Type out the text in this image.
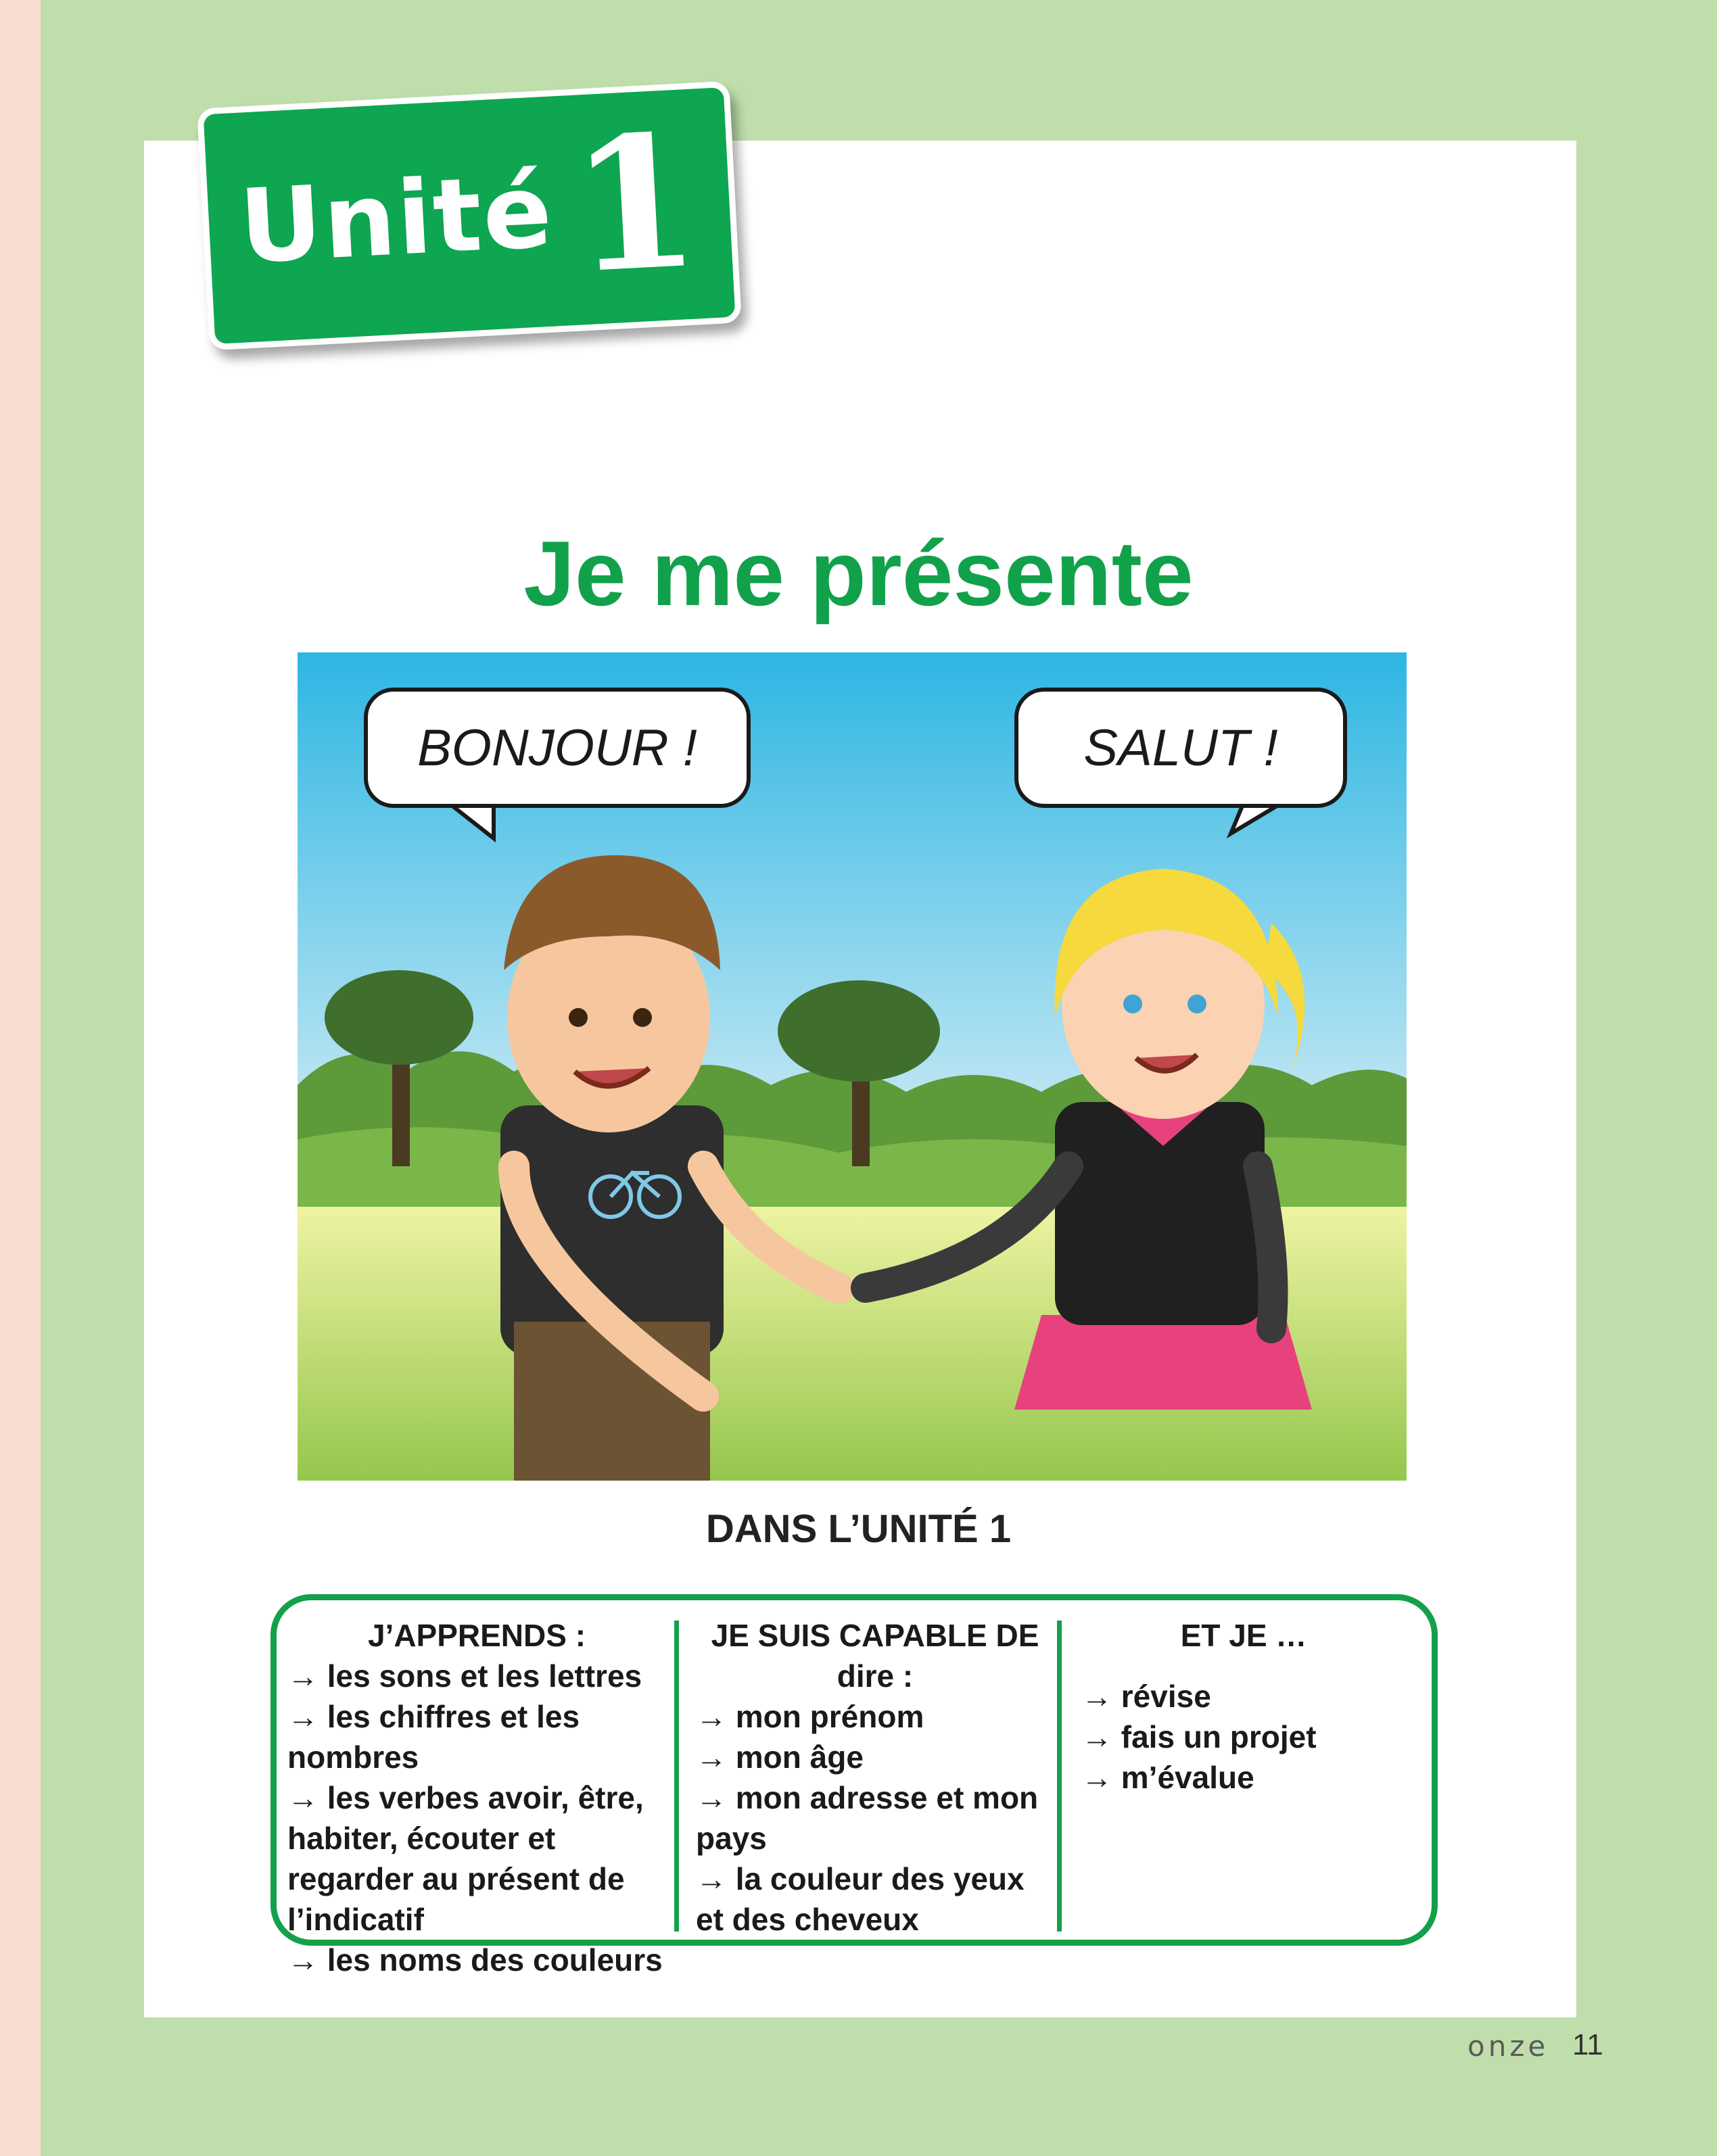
Unité 1
Je me présente
BONJOUR !	SALUT !
DANS L’UNITÉ 1
J’APPRENDS :
→ les sons et les lettres
→ les chiffres et les nombres
→ les verbes avoir, être, habiter, écouter et regarder au présent de l’indicatif
→ les noms des couleurs
JE SUIS CAPABLE DE dire :
→ mon prénom
→ mon âge
→ mon adresse et mon pays
→ la couleur des yeux et des cheveux
ET JE …
→ révise
→ fais un projet
→ m’évalue
onze 11
